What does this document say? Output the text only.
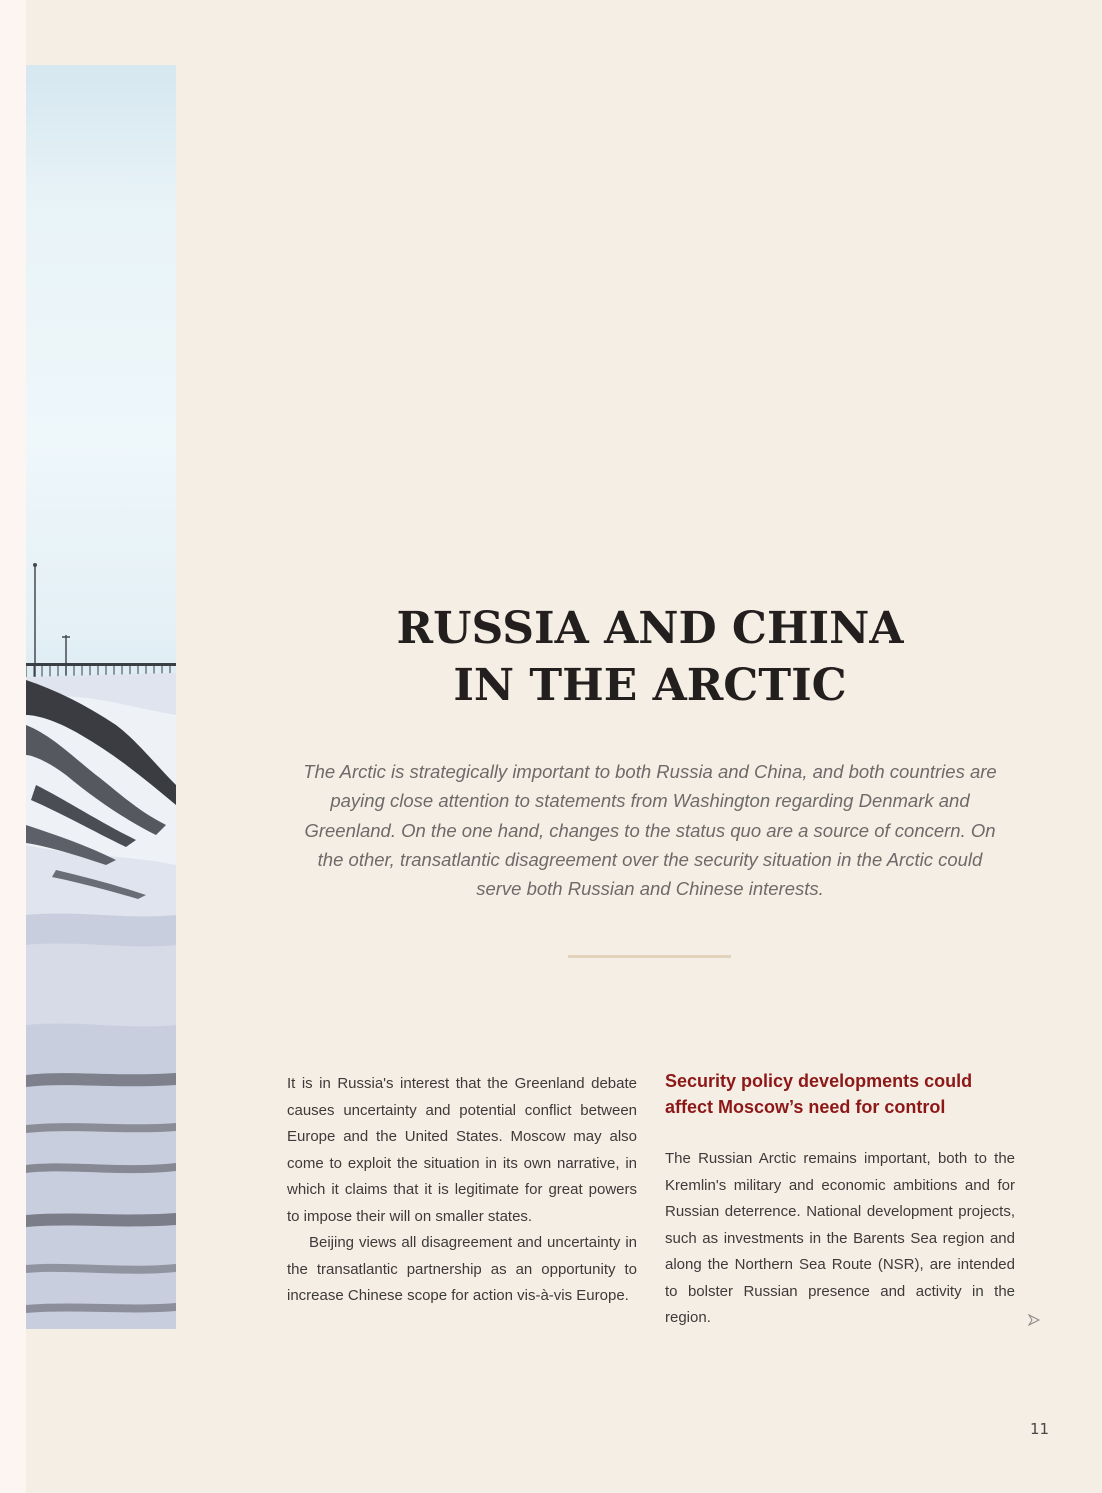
RUSSIA AND CHINA
IN THE ARCTIC

The Arctic is strategically important to both Russia and China, and both countries are paying close attention to statements from Washington regarding Denmark and Greenland. On the one hand, changes to the status quo are a source of concern. On the other, transatlantic disagreement over the security situation in the Arctic could serve both Russian and Chinese interests.

It is in Russia's interest that the Greenland debate causes uncertainty and potential conflict between Europe and the United States. Moscow may also come to exploit the situation in its own narrative, in which it claims that it is legitimate for great powers to impose their will on smaller states.

Beijing views all disagreement and uncertainty in the transatlantic partnership as an opportunity to increase Chinese scope for action vis-à-vis Europe.

Security policy developments could affect Moscow’s need for control

The Russian Arctic remains important, both to the Kremlin's military and economic ambitions and for Russian deterrence. National development projects, such as investments in the Barents Sea region and along the Northern Sea Route (NSR), are intended to bolster Russian presence and activity in the region.

11
